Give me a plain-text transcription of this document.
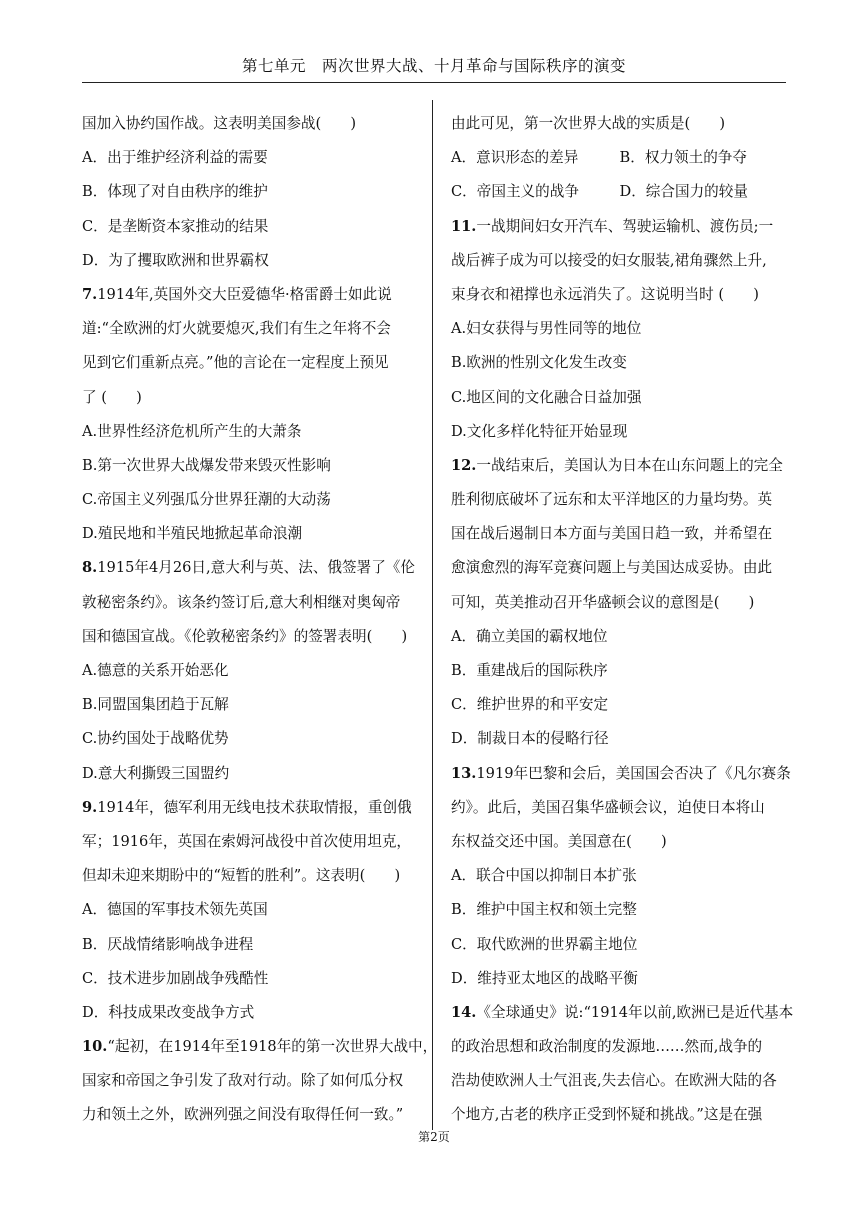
第七单元　两次世界大战、十月革命与国际秩序的演变
国加入协约国作战。这表明美国参战(　　)
A．出于维护经济利益的需要
B．体现了对自由秩序的维护
C．是垄断资本家推动的结果
D．为了攫取欧洲和世界霸权
7.1914年,英国外交大臣爱德华·格雷爵士如此说
道:“全欧洲的灯火就要熄灭,我们有生之年将不会
见到它们重新点亮。”他的言论在一定程度上预见
了 (　　)
A.世界性经济危机所产生的大萧条
B.第一次世界大战爆发带来毁灭性影响
C.帝国主义列强瓜分世界狂潮的大动荡
D.殖民地和半殖民地掀起革命浪潮
8.1915年4月26日,意大利与英、法、俄签署了《伦
敦秘密条约》。该条约签订后,意大利相继对奥匈帝
国和德国宣战。《伦敦秘密条约》的签署表明(　　)
A.德意的关系开始恶化
B.同盟国集团趋于瓦解
C.协约国处于战略优势
D.意大利撕毁三国盟约
9.1914年，德军利用无线电技术获取情报，重创俄
军；1916年，英国在索姆河战役中首次使用坦克，
但却未迎来期盼中的“短暂的胜利”。这表明(　　)
A．德国的军事技术领先英国
B．厌战情绪影响战争进程
C．技术进步加剧战争残酷性
D．科技成果改变战争方式
10.“起初，在1914年至1918年的第一次世界大战中，
国家和帝国之争引发了敌对行动。除了如何瓜分权
力和领土之外，欧洲列强之间没有取得任何一致。”
由此可见，第一次世界大战的实质是(　　)
A．意识形态的差异	B．权力领土的争夺
C．帝国主义的战争	D．综合国力的较量
11.一战期间妇女开汽车、驾驶运输机、渡伤员;一
战后裤子成为可以接受的妇女服装,裙角骤然上升,
束身衣和裙撑也永远消失了。这说明当时 (　　)
A.妇女获得与男性同等的地位
B.欧洲的性别文化发生改变
C.地区间的文化融合日益加强
D.文化多样化特征开始显现
12.一战结束后，美国认为日本在山东问题上的完全
胜利彻底破坏了远东和太平洋地区的力量均势。英
国在战后遏制日本方面与美国日趋一致，并希望在
愈演愈烈的海军竞赛问题上与美国达成妥协。由此
可知，英美推动召开华盛顿会议的意图是(　　)
A．确立美国的霸权地位
B．重建战后的国际秩序
C．维护世界的和平安定
D．制裁日本的侵略行径
13.1919年巴黎和会后，美国国会否决了《凡尔赛条
约》。此后，美国召集华盛顿会议，迫使日本将山
东权益交还中国。美国意在(　　)
A．联合中国以抑制日本扩张
B．维护中国主权和领土完整
C．取代欧洲的世界霸主地位
D．维持亚太地区的战略平衡
14.《全球通史》说:“1914年以前,欧洲已是近代基本
的政治思想和政治制度的发源地……然而,战争的
浩劫使欧洲人士气沮丧,失去信心。在欧洲大陆的各
个地方,古老的秩序正受到怀疑和挑战。”这是在强
第2页
